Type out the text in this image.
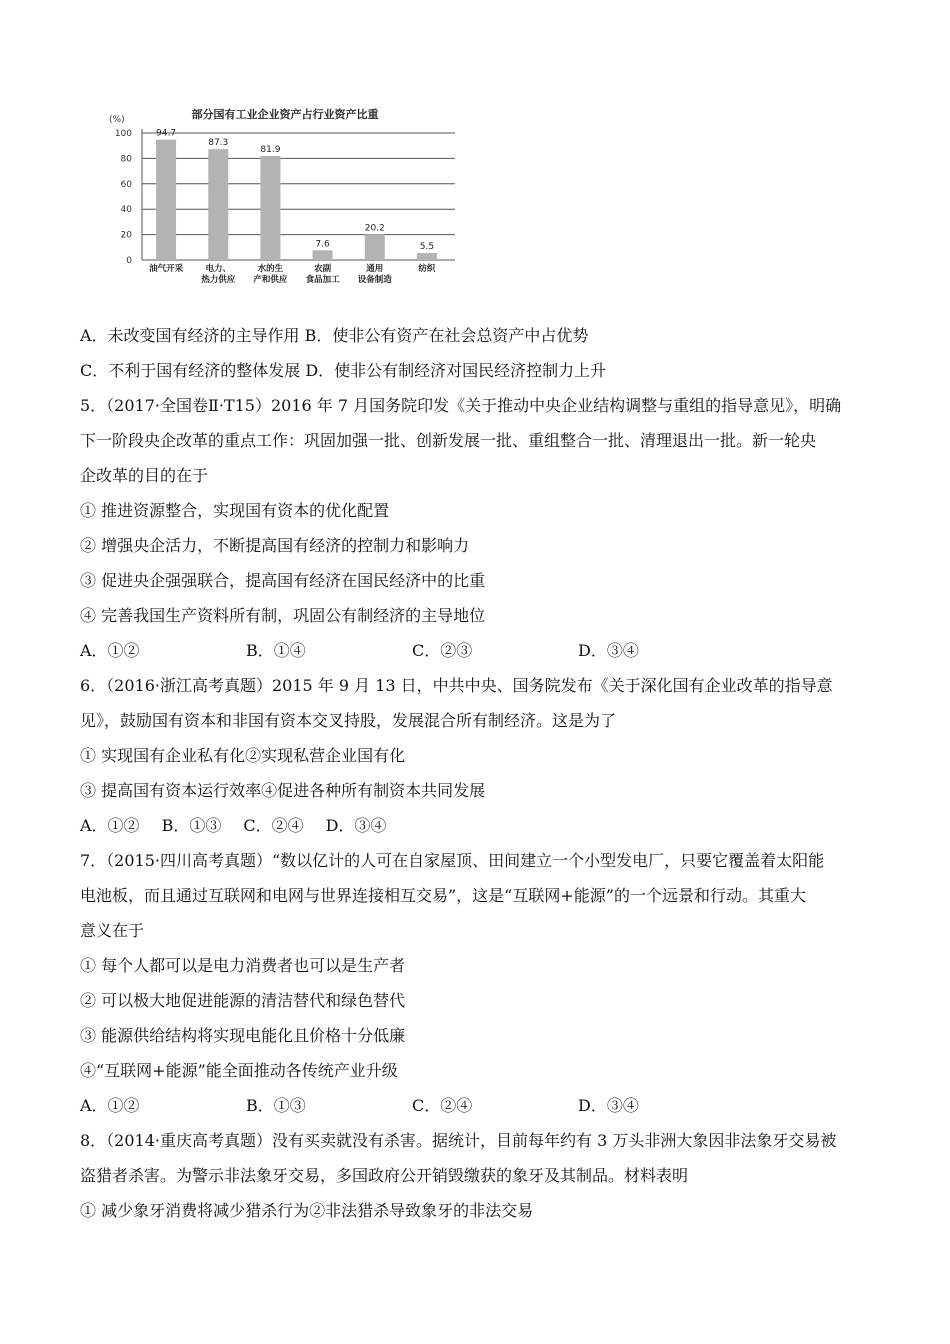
部分国有工业企业资产占行业资产比重
(%)
0
20
40
60
80
100	94.7
油气开采
87.3
电力、
热力供应
81.9
水的生
产和供应
7.6
农副
食品加工
20.2
通用
设备制造
5.5
纺织
A．未改变国有经济的主导作用 B．使非公有资产在社会总资产中占优势
C．不利于国有经济的整体发展 D．使非公有制经济对国民经济控制力上升
5．（2017·全国卷Ⅱ·T15）2016 年 7 月国务院印发《关于推动中央企业结构调整与重组的指导意见》，明确
下一阶段央企改革的重点工作：巩固加强一批、创新发展一批、重组整合一批、清理退出一批。新一轮央
企改革的目的在于
① 推进资源整合，实现国有资本的优化配置
② 增强央企活力，不断提高国有经济的控制力和影响力
③ 促进央企强强联合，提高国有经济在国民经济中的比重
④ 完善我国生产资料所有制，巩固公有制经济的主导地位
A．①②	B．①④	C．②③	D．③④
6．（2016·浙江高考真题）2015 年 9 月 13 日，中共中央、国务院发布《关于深化国有企业改革的指导意
见》，鼓励国有资本和非国有资本交叉持股，发展混合所有制经济。这是为了
① 实现国有企业私有化②实现私营企业国有化
③ 提高国有资本运行效率④促进各种所有制资本共同发展
A．①② B．①③ C．②④ D．③④
7．（2015·四川高考真题）“数以亿计的人可在自家屋顶、田间建立一个小型发电厂，只要它覆盖着太阳能
电池板，而且通过互联网和电网与世界连接相互交易”，这是“互联网+能源”的一个远景和行动。其重大
意义在于
① 每个人都可以是电力消费者也可以是生产者
② 可以极大地促进能源的清洁替代和绿色替代
③ 能源供给结构将实现电能化且价格十分低廉
④“互联网+能源”能全面推动各传统产业升级
A．①②	B．①③	C．②④	D．③④
8．（2014·重庆高考真题）没有买卖就没有杀害。据统计，目前每年约有 3 万头非洲大象因非法象牙交易被
盗猎者杀害。为警示非法象牙交易，多国政府公开销毁缴获的象牙及其制品。材料表明
① 减少象牙消费将减少猎杀行为②非法猎杀导致象牙的非法交易
